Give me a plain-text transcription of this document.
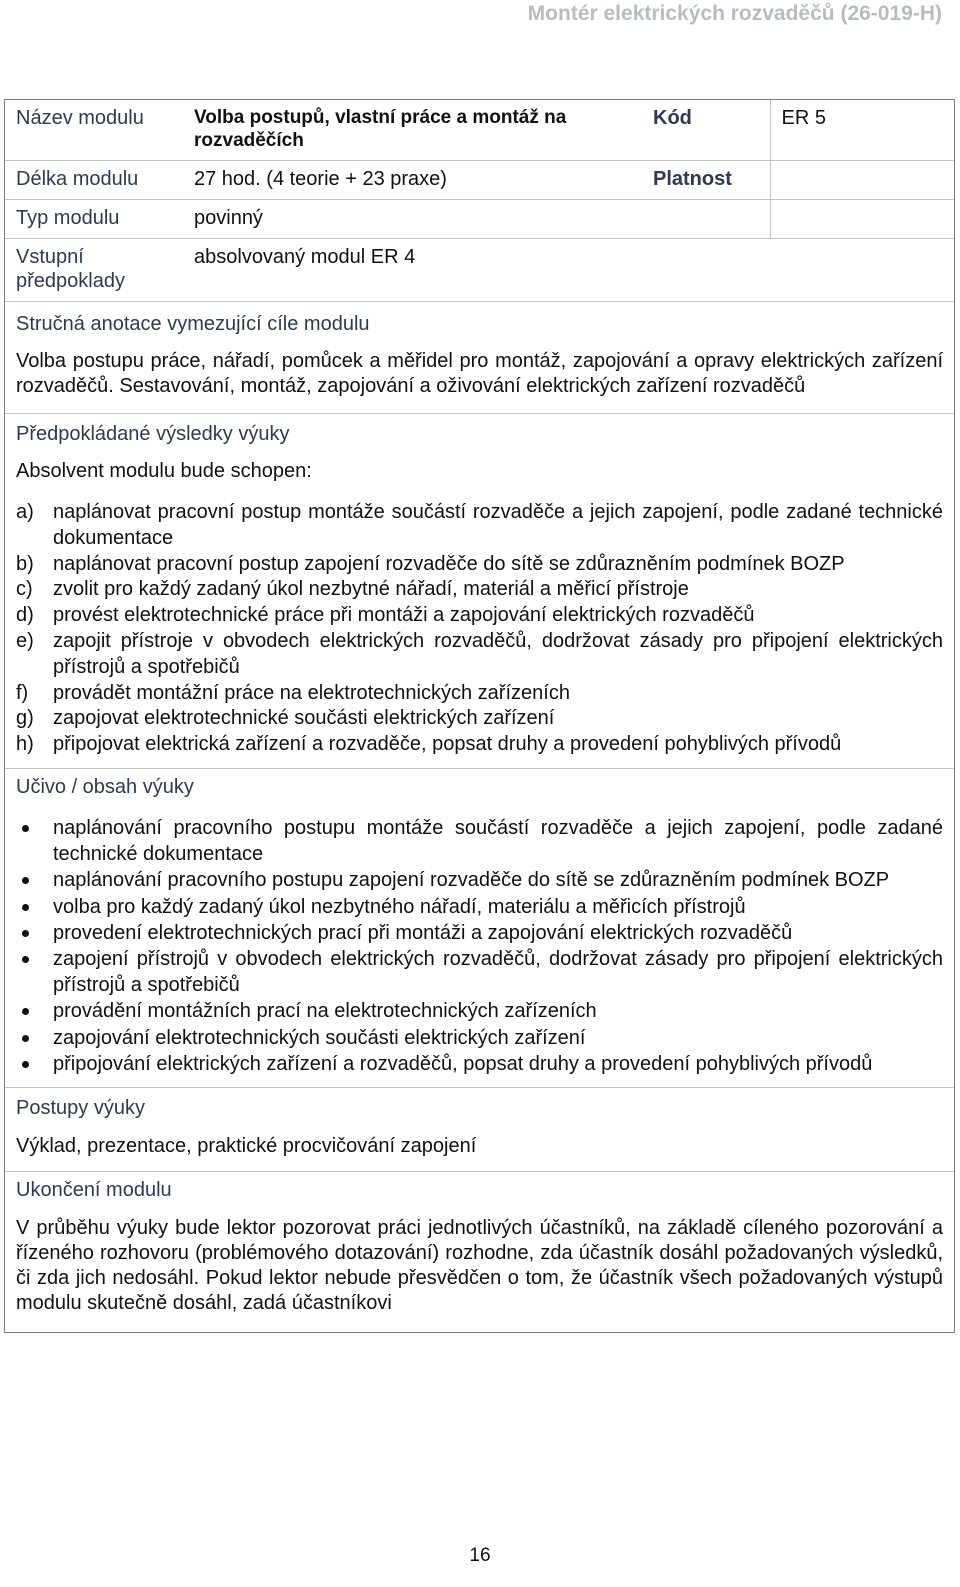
Montér elektrických rozvaděčů (26-019-H)
Název modulu	Volba postupů, vlastní práce a montáž na rozvaděčích	Kód	ER 5
Délka modulu	27 hod. (4 teorie + 23 praxe)	Platnost	
Typ modulu	povinný		
Vstupní předpoklady	absolvovaný modul ER 4		
Stručná anotace vymezující cíle modulu
Volba postupu práce, nářadí, pomůcek a měřidel pro montáž, zapojování a opravy elektrických zařízení rozvaděčů. Sestavování, montáž, zapojování a oživování elektrických zařízení rozvaděčů
Předpokládané výsledky výuky
Absolvent modulu bude schopen:
a) naplánovat pracovní postup montáže součástí rozvaděče a jejich zapojení, podle zadané technické dokumentace
b) naplánovat pracovní postup zapojení rozvaděče do sítě se zdůrazněním podmínek BOZP
c) zvolit pro každý zadaný úkol nezbytné nářadí, materiál a měřicí přístroje
d) provést elektrotechnické práce při montáži a zapojování elektrických rozvaděčů
e) zapojit přístroje v obvodech elektrických rozvaděčů, dodržovat zásady pro připojení elektrických přístrojů a spotřebičů
f) provádět montážní práce na elektrotechnických zařízeních
g) zapojovat elektrotechnické součásti elektrických zařízení
h) připojovat elektrická zařízení a rozvaděče, popsat druhy a provedení pohyblivých přívodů
Učivo / obsah výuky
naplánování pracovního postupu montáže součástí rozvaděče a jejich zapojení, podle zadané technické dokumentace
naplánování pracovního postupu zapojení rozvaděče do sítě se zdůrazněním podmínek BOZP
volba pro každý zadaný úkol nezbytného nářadí, materiálu a měřicích přístrojů
provedení elektrotechnických prací při montáži a zapojování elektrických rozvaděčů
zapojení přístrojů v obvodech elektrických rozvaděčů, dodržovat zásady pro připojení elektrických přístrojů a spotřebičů
provádění montážních prací na elektrotechnických zařízeních
zapojování elektrotechnických součásti elektrických zařízení
připojování elektrických zařízení a rozvaděčů, popsat druhy a provedení pohyblivých přívodů
Postupy výuky
Výklad, prezentace, praktické procvičování zapojení
Ukončení modulu
V průběhu výuky bude lektor pozorovat práci jednotlivých účastníků, na základě cíleného pozorování a řízeného rozhovoru (problémového dotazování) rozhodne, zda účastník dosáhl požadovaných výsledků, či zda jich nedosáhl. Pokud lektor nebude přesvědčen o tom, že účastník všech požadovaných výstupů modulu skutečně dosáhl, zadá účastníkovi
16
